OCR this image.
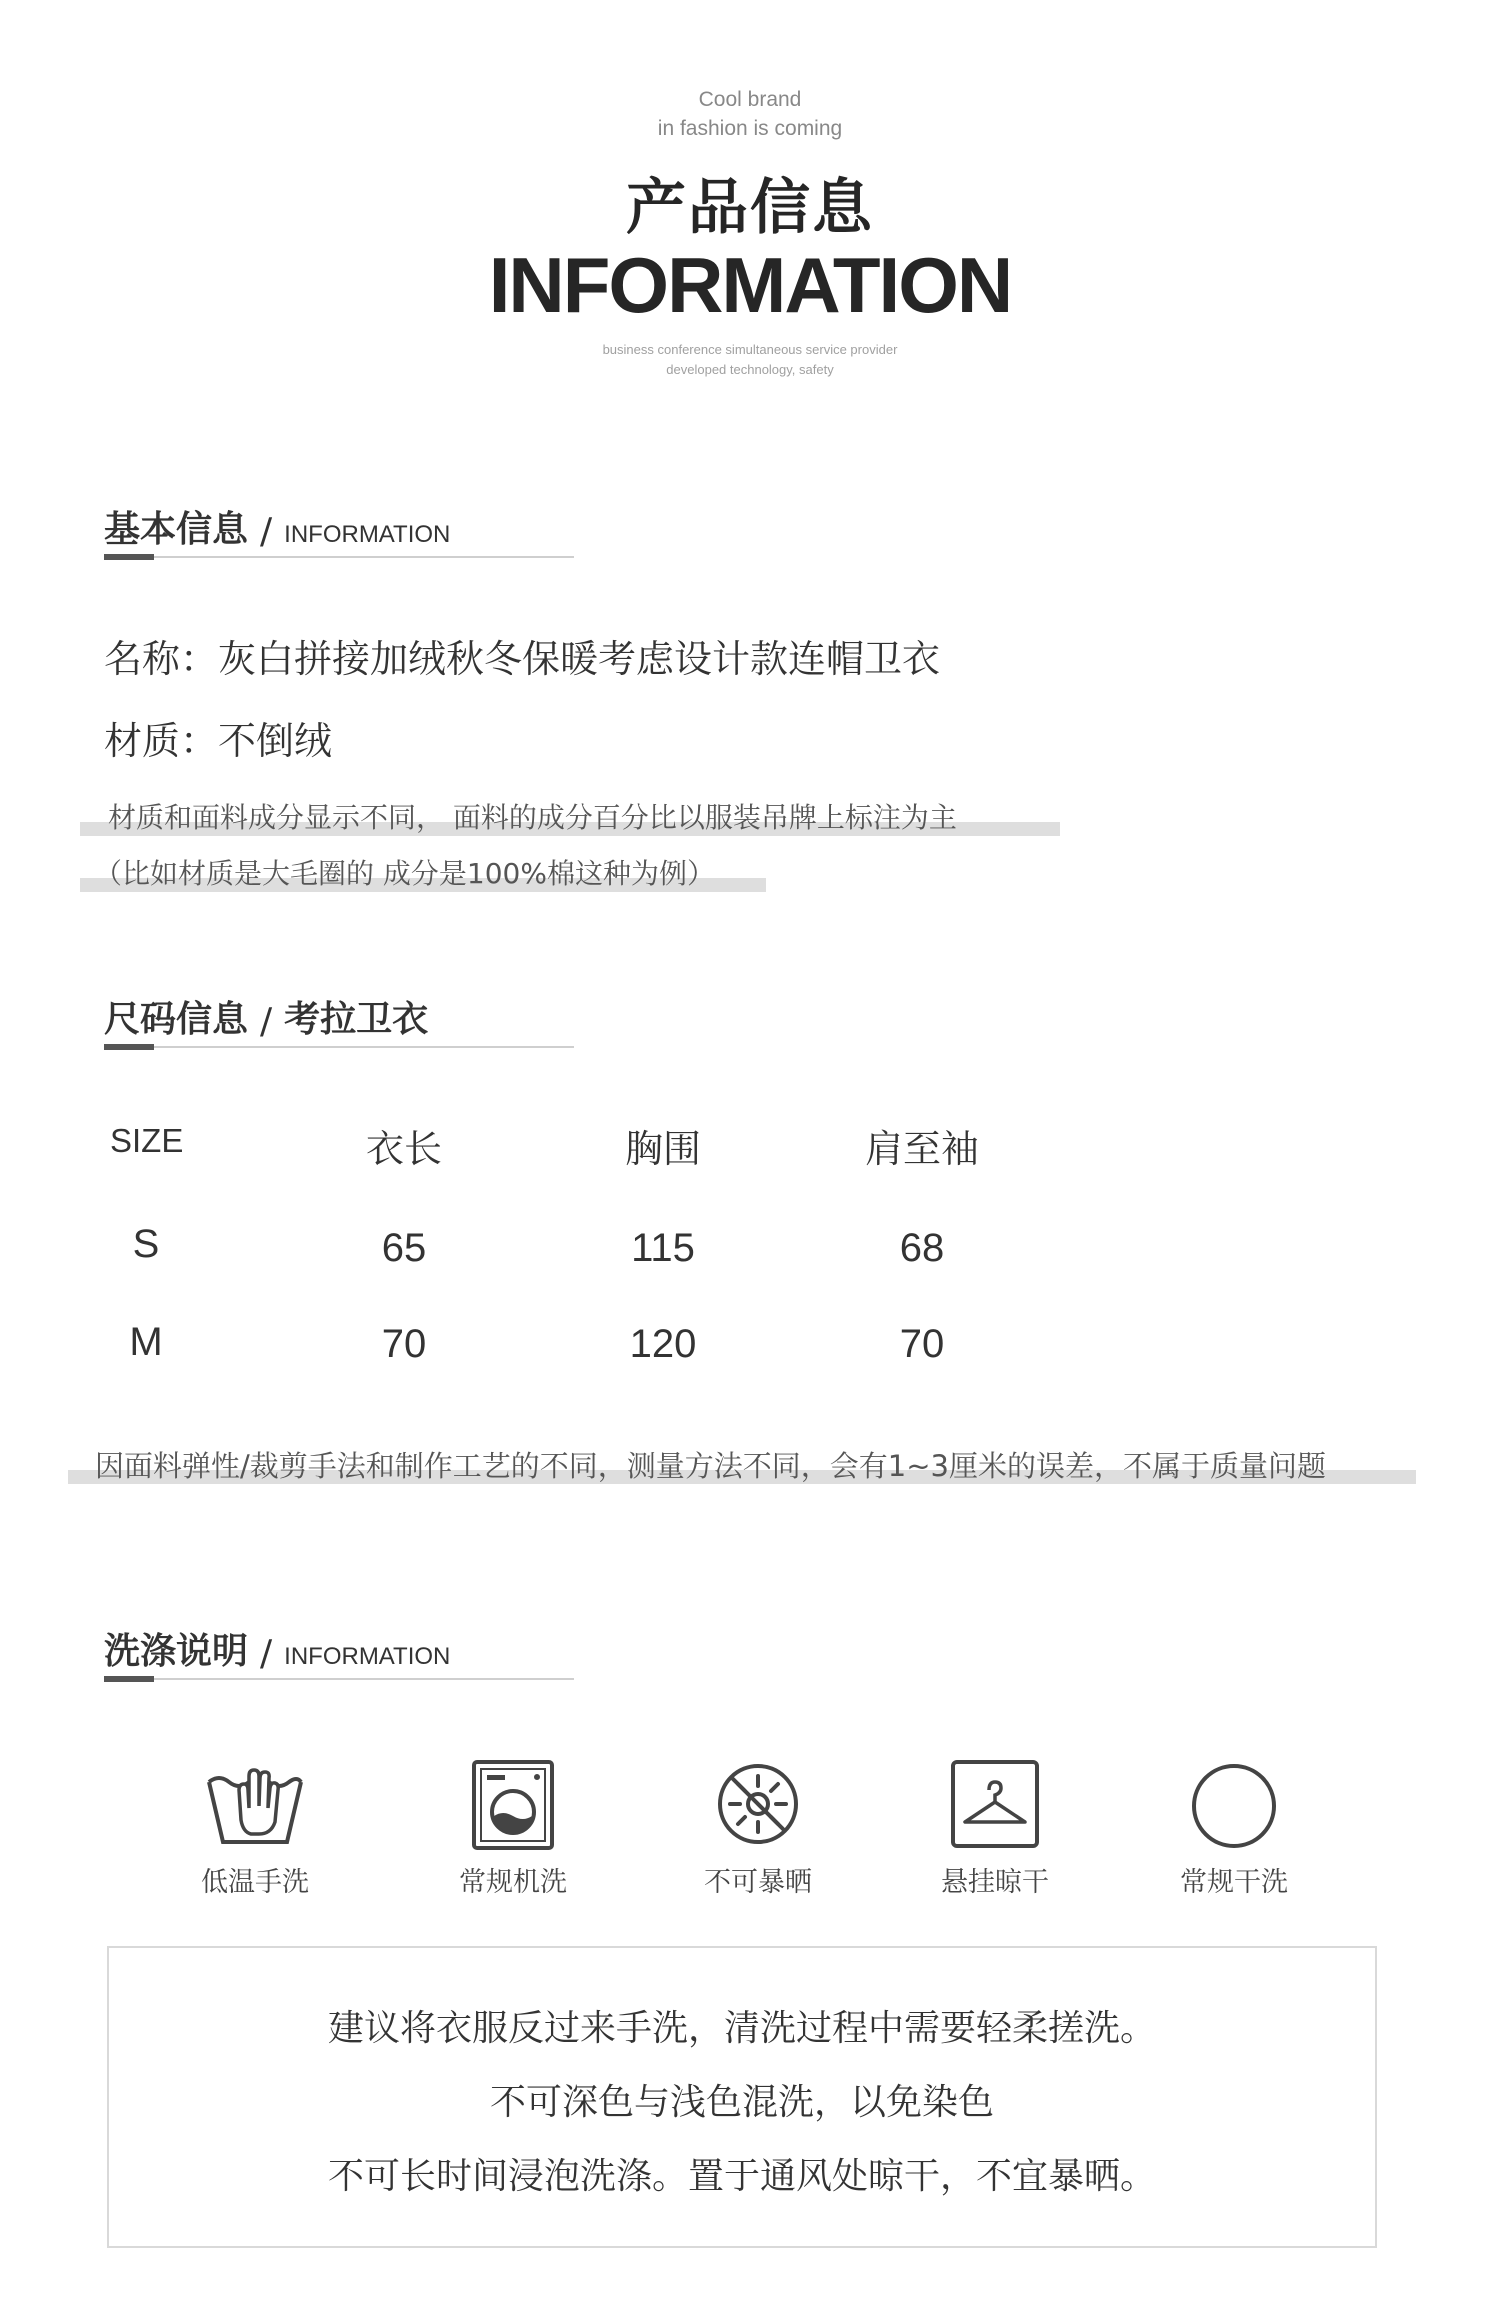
Cool brand
in fashion is coming
产品信息
INFORMATION
business conference simultaneous service provider
developed technology, safety
基本信息 / INFORMATION
名称：灰白拼接加绒秋冬保暖考虑设计款连帽卫衣
材质：不倒绒
材质和面料成分显示不同， 面料的成分百分比以服装吊牌上标注为主
（比如材质是大毛圈的 成分是100%棉这种为例）
尺码信息 / 考拉卫衣
SIZE	衣长	胸围	肩至袖
S	65	115	68
M	70	120	70
因面料弹性/裁剪手法和制作工艺的不同，测量方法不同，会有1~3厘米的误差，不属于质量问题
洗涤说明 / INFORMATION
低温手洗	常规机洗	不可暴晒	悬挂晾干	常规干洗
建议将衣服反过来手洗，清洗过程中需要轻柔搓洗。
不可深色与浅色混洗，以免染色
不可长时间浸泡洗涤。置于通风处晾干，不宜暴晒。
